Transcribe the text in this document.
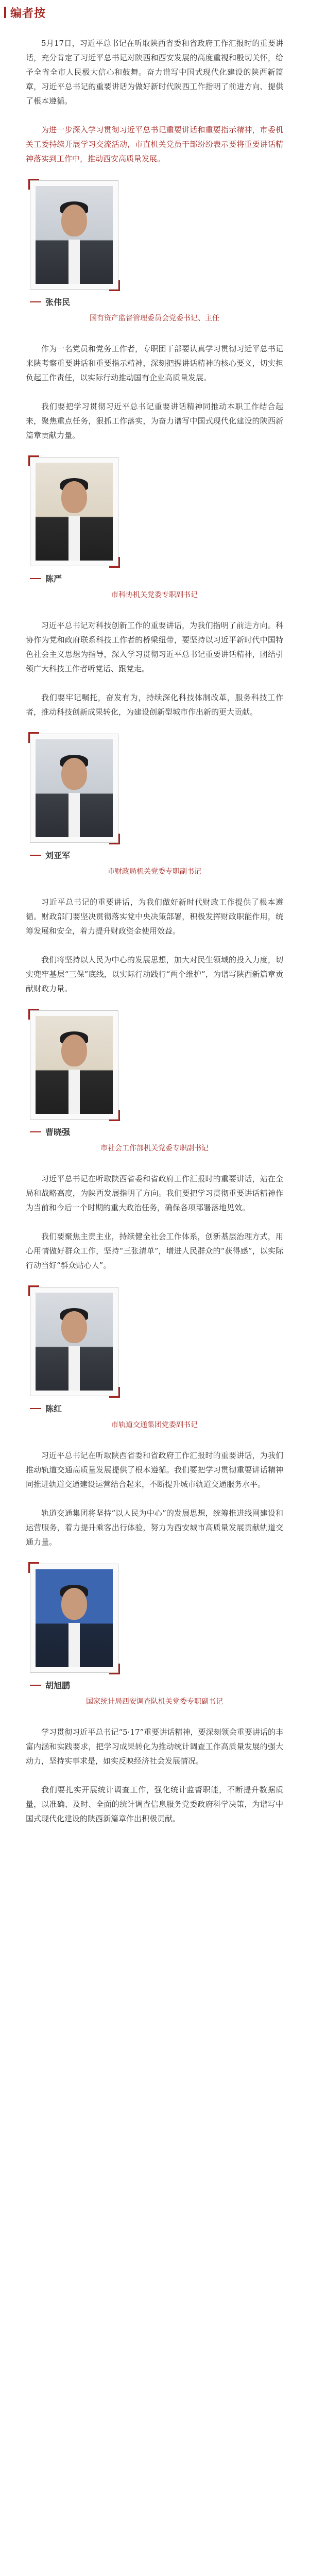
编者按

5月17日，习近平总书记在听取陕西省委和省政府工作汇报时的重要讲话，充分肯定了习近平总书记对陕西和西安发展的高度重视和殷切关怀，给予全省全市人民极大信心和鼓舞。奋力谱写中国式现代化建设的陕西新篇章，习近平总书记的重要讲话为做好新时代陕西工作指明了前进方向、提供了根本遵循。

为进一步深入学习贯彻习近平总书记重要讲话和重要指示精神，市委机关工委持续开展学习交流活动，市直机关党员干部纷纷表示要将重要讲话精神落实到工作中，推动西安高质量发展。

张伟民
国有资产监督管理委员会党委书记、主任

作为一名党员和党务工作者，专职团干部要认真学习贯彻习近平总书记来陕考察重要讲话和重要指示精神，深刻把握讲话精神的核心要义，切实担负起工作责任，以实际行动推动国有企业高质量发展。

我们要把学习贯彻习近平总书记重要讲话精神同推动本职工作结合起来，聚焦重点任务，狠抓工作落实，为奋力谱写中国式现代化建设的陕西新篇章贡献力量。

陈严
市科协机关党委专职副书记

习近平总书记对科技创新工作的重要讲话，为我们指明了前进方向。科协作为党和政府联系科技工作者的桥梁纽带，要坚持以习近平新时代中国特色社会主义思想为指导，深入学习贯彻习近平总书记重要讲话精神，团结引领广大科技工作者听党话、跟党走。

我们要牢记嘱托，奋发有为，持续深化科技体制改革，服务科技工作者，推动科技创新成果转化，为建设创新型城市作出新的更大贡献。

刘亚军
市财政局机关党委专职副书记

习近平总书记的重要讲话，为我们做好新时代财政工作提供了根本遵循。财政部门要坚决贯彻落实党中央决策部署，积极发挥财政职能作用，统筹发展和安全，着力提升财政资金使用效益。

我们将坚持以人民为中心的发展思想，加大对民生领域的投入力度，切实兜牢基层“三保”底线，以实际行动践行“两个维护”，为谱写陕西新篇章贡献财政力量。

曹晓强
市社会工作部机关党委专职副书记

习近平总书记在听取陕西省委和省政府工作汇报时的重要讲话，站在全局和战略高度，为陕西发展指明了方向。我们要把学习贯彻重要讲话精神作为当前和今后一个时期的重大政治任务，确保各项部署落地见效。

我们要聚焦主责主业，持续健全社会工作体系，创新基层治理方式，用心用情做好群众工作，坚持“三张清单”，增进人民群众的“获得感”，以实际行动当好“群众贴心人”。

陈红
市轨道交通集团党委副书记

习近平总书记在听取陕西省委和省政府工作汇报时的重要讲话，为我们推动轨道交通高质量发展提供了根本遵循。我们要把学习贯彻重要讲话精神同推进轨道交通建设运营结合起来，不断提升城市轨道交通服务水平。

轨道交通集团将坚持“以人民为中心”的发展思想，统筹推进线网建设和运营服务，着力提升乘客出行体验，努力为西安城市高质量发展贡献轨道交通力量。

胡旭鹏
国家统计局西安调查队机关党委专职副书记

学习贯彻习近平总书记“5·17”重要讲话精神，要深刻领会重要讲话的丰富内涵和实践要求，把学习成果转化为推动统计调查工作高质量发展的强大动力，坚持实事求是，如实反映经济社会发展情况。

我们要扎实开展统计调查工作，强化统计监督职能，不断提升数据质量，以准确、及时、全面的统计调查信息服务党委政府科学决策，为谱写中国式现代化建设的陕西新篇章作出积极贡献。
